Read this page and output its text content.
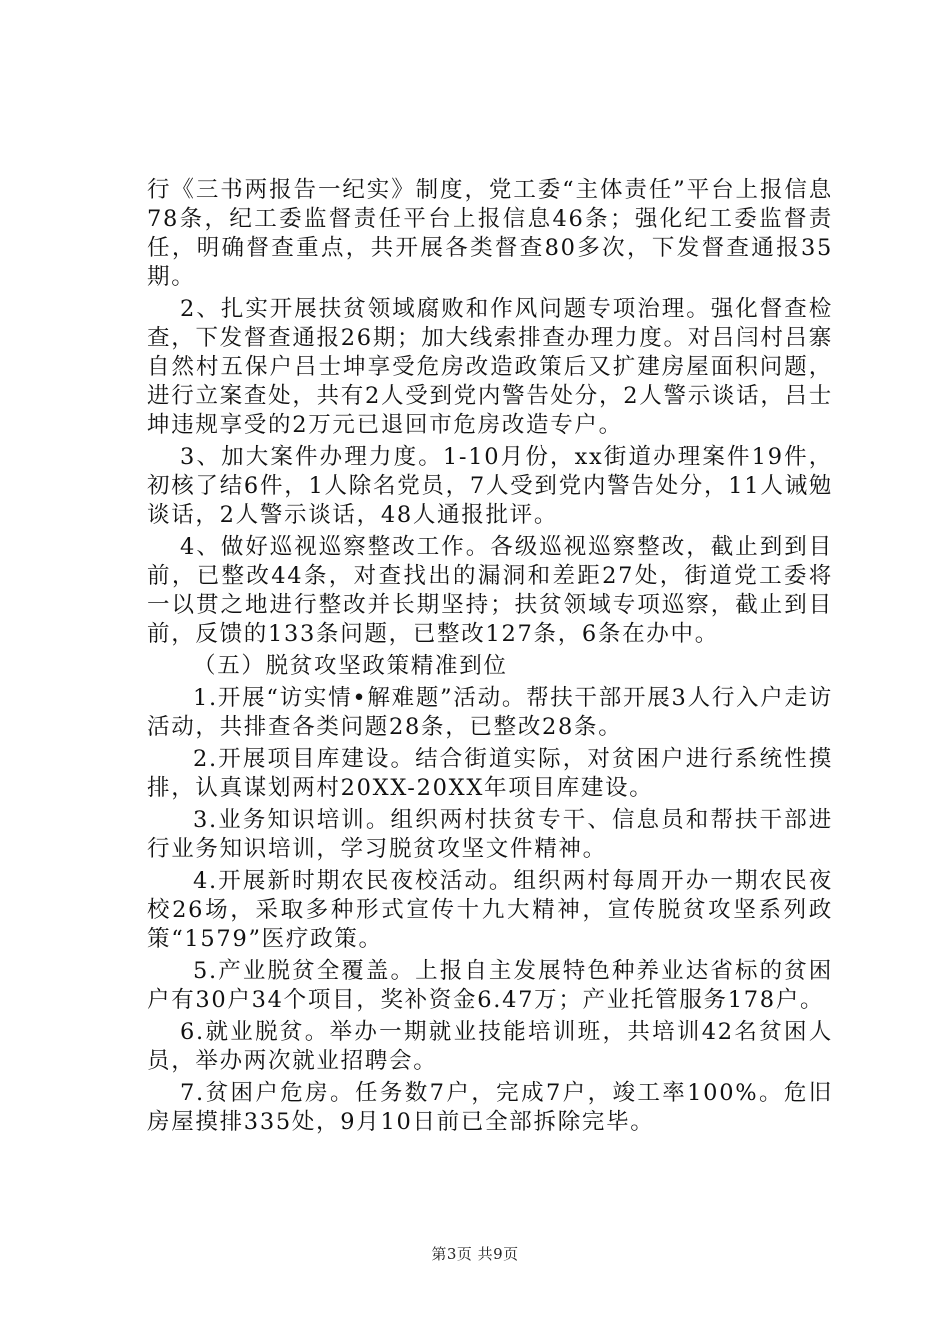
行《三书两报告一纪实》制度，党工委“主体责任”平台上报信息78条，纪工委监督责任平台上报信息46条；强化纪工委监督责任，明确督查重点，共开展各类督查80多次，下发督查通报35期。

2、扎实开展扶贫领域腐败和作风问题专项治理。强化督查检查，下发督查通报26期；加大线索排查办理力度。对吕闫村吕寨自然村五保户吕士坤享受危房改造政策后又扩建房屋面积问题，进行立案查处，共有2人受到党内警告处分，2人警示谈话，吕士坤违规享受的2万元已退回市危房改造专户。

3、加大案件办理力度。1-10月份，xx街道办理案件19件，初核了结6件，1人除名党员，7人受到党内警告处分，11人诫勉谈话，2人警示谈话，48人通报批评。

4、做好巡视巡察整改工作。各级巡视巡察整改，截止到到目前，已整改44条，对查找出的漏洞和差距27处，街道党工委将一以贯之地进行整改并长期坚持；扶贫领域专项巡察，截止到目前，反馈的133条问题，已整改127条，6条在办中。

（五）脱贫攻坚政策精准到位

1.开展“访实情•解难题”活动。帮扶干部开展3人行入户走访活动，共排查各类问题28条，已整改28条。

2.开展项目库建设。结合街道实际，对贫困户进行系统性摸排，认真谋划两村20XX-20XX年项目库建设。

3.业务知识培训。组织两村扶贫专干、信息员和帮扶干部进行业务知识培训，学习脱贫攻坚文件精神。

4.开展新时期农民夜校活动。组织两村每周开办一期农民夜校26场，采取多种形式宣传十九大精神，宣传脱贫攻坚系列政策“1579”医疗政策。

5.产业脱贫全覆盖。上报自主发展特色种养业达省标的贫困户有30户34个项目，奖补资金6.47万；产业托管服务178户。

6.就业脱贫。举办一期就业技能培训班，共培训42名贫困人员，举办两次就业招聘会。

7.贫困户危房。任务数7户，完成7户，竣工率100%。危旧房屋摸排335处，9月10日前已全部拆除完毕。

第3页 共9页
